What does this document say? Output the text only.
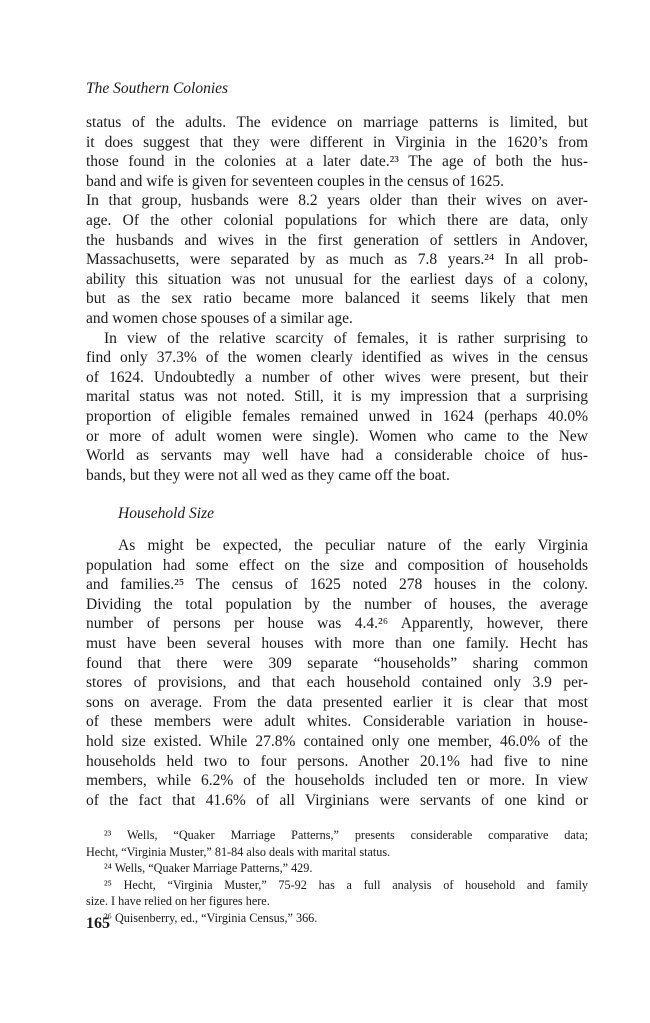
The Southern Colonies
status of the adults. The evidence on marriage patterns is limited, but
it does suggest that they were different in Virginia in the 1620’s from
those found in the colonies at a later date.²³ The age of both the hus-
band and wife is given for seventeen couples in the census of 1625.
In that group, husbands were 8.2 years older than their wives on aver-
age. Of the other colonial populations for which there are data, only
the husbands and wives in the first generation of settlers in Andover,
Massachusetts, were separated by as much as 7.8 years.²⁴ In all prob-
ability this situation was not unusual for the earliest days of a colony,
but as the sex ratio became more balanced it seems likely that men
and women chose spouses of a similar age.
In view of the relative scarcity of females, it is rather surprising to
find only 37.3% of the women clearly identified as wives in the census
of 1624. Undoubtedly a number of other wives were present, but their
marital status was not noted. Still, it is my impression that a surprising
proportion of eligible females remained unwed in 1624 (perhaps 40.0%
or more of adult women were single). Women who came to the New
World as servants may well have had a considerable choice of hus-
bands, but they were not all wed as they came off the boat.
Household Size
As might be expected, the peculiar nature of the early Virginia
population had some effect on the size and composition of households
and families.²⁵ The census of 1625 noted 278 houses in the colony.
Dividing the total population by the number of houses, the average
number of persons per house was 4.4.²⁶ Apparently, however, there
must have been several houses with more than one family. Hecht has
found that there were 309 separate “households” sharing common
stores of provisions, and that each household contained only 3.9 per-
sons on average. From the data presented earlier it is clear that most
of these members were adult whites. Considerable variation in house-
hold size existed. While 27.8% contained only one member, 46.0% of the
households held two to four persons. Another 20.1% had five to nine
members, while 6.2% of the households included ten or more. In view
of the fact that 41.6% of all Virginians were servants of one kind or
²³ Wells, “Quaker Marriage Patterns,” presents considerable comparative data;
Hecht, “Virginia Muster,” 81-84 also deals with marital status.
²⁴ Wells, “Quaker Marriage Patterns,” 429.
²⁵ Hecht, “Virginia Muster,” 75-92 has a full analysis of household and family
size. I have relied on her figures here.
²⁶ Quisenberry, ed., “Virginia Census,” 366.
165
